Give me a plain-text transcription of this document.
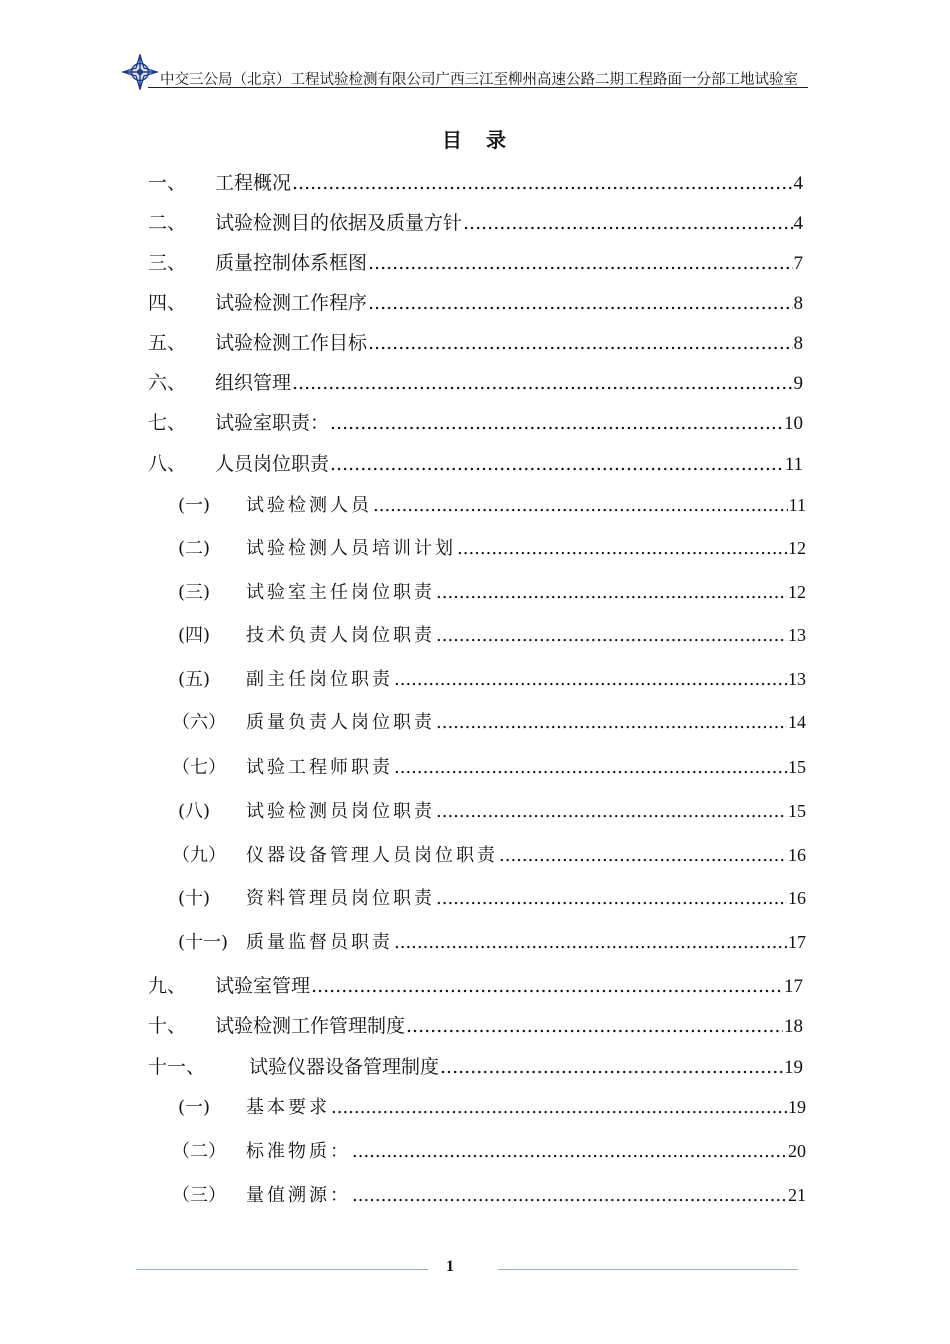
中交三公局（北京）工程试验检测有限公司广西三江至柳州高速公路二期工程路面一分部工地试验室
目　录
一、 工程概况 .....	4
二、 试验检测目的依据及质量方针 .....	4
三、 质量控制体系框图 .....	7
四、 试验检测工作程序 .....	8
五、 试验检测工作目标 .....	8
六、 组织管理 .....	9
七、 试验室职责： .....	10
八、 人员岗位职责 .....	11
(一) 试验检测人员 .....	11
(二) 试验检测人员培训计划 .....	12
(三) 试验室主任岗位职责 .....	12
(四) 技术负责人岗位职责 .....	13
(五) 副主任岗位职责 .....	13
（六） 质量负责人岗位职责 .....	14
（七） 试验工程师职责 .....	15
(八) 试验检测员岗位职责 .....	15
（九） 仪器设备管理人员岗位职责 .....	16
(十) 资料管理员岗位职责 .....	16
(十一) 质量监督员职责 .....	17
九、 试验室管理 .....	17
十、 试验检测工作管理制度 .....	18
十一、 试验仪器设备管理制度 .....	19
(一) 基本要求 .....	19
（二） 标准物质： .....	20
（三） 量值溯源： .....	21
1
